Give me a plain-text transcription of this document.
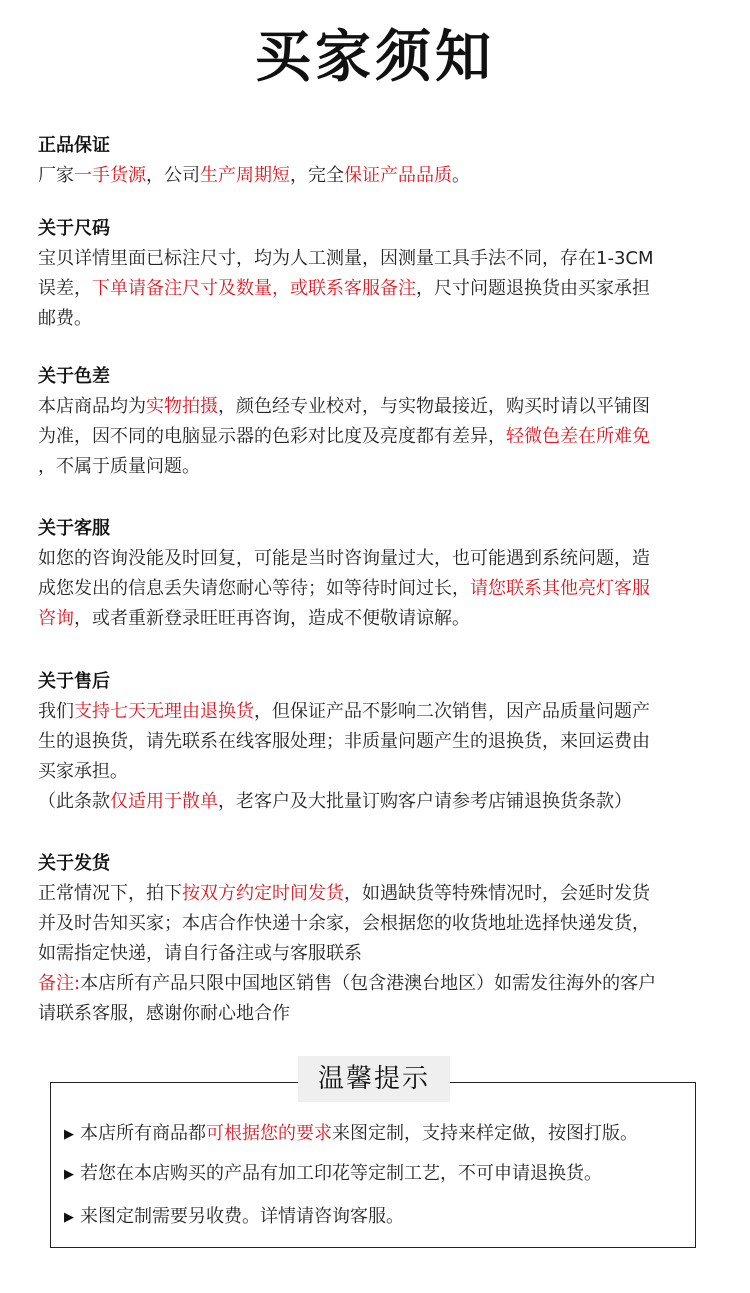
买家须知
正品保证
厂家一手货源，公司生产周期短，完全保证产品品质。
关于尺码
宝贝详情里面已标注尺寸，均为人工测量，因测量工具手法不同，存在1-3CM
误差，下单请备注尺寸及数量，或联系客服备注，尺寸问题退换货由买家承担
邮费。
关于色差
本店商品均为实物拍摄，颜色经专业校对，与实物最接近，购买时请以平铺图
为准，因不同的电脑显示器的色彩对比度及亮度都有差异，轻微色差在所难免
，不属于质量问题。
关于客服
如您的咨询没能及时回复，可能是当时咨询量过大，也可能遇到系统问题，造
成您发出的信息丢失请您耐心等待；如等待时间过长，请您联系其他亮灯客服
咨询，或者重新登录旺旺再咨询，造成不便敬请谅解。
关于售后
我们支持七天无理由退换货，但保证产品不影响二次销售，因产品质量问题产
生的退换货，请先联系在线客服处理；非质量问题产生的退换货，来回运费由
买家承担。
（此条款仅适用于散单，老客户及大批量订购客户请参考店铺退换货条款）
关于发货
正常情况下，拍下按双方约定时间发货，如遇缺货等特殊情况时，会延时发货
并及时告知买家；本店合作快递十余家，会根据您的收货地址选择快递发货，
如需指定快递，请自行备注或与客服联系
备注:本店所有产品只限中国地区销售（包含港澳台地区）如需发往海外的客户
请联系客服，感谢你耐心地合作
温馨提示
▶ 本店所有商品都可根据您的要求来图定制，支持来样定做，按图打版。
▶ 若您在本店购买的产品有加工印花等定制工艺，不可申请退换货。
▶ 来图定制需要另收费。详情请咨询客服。
